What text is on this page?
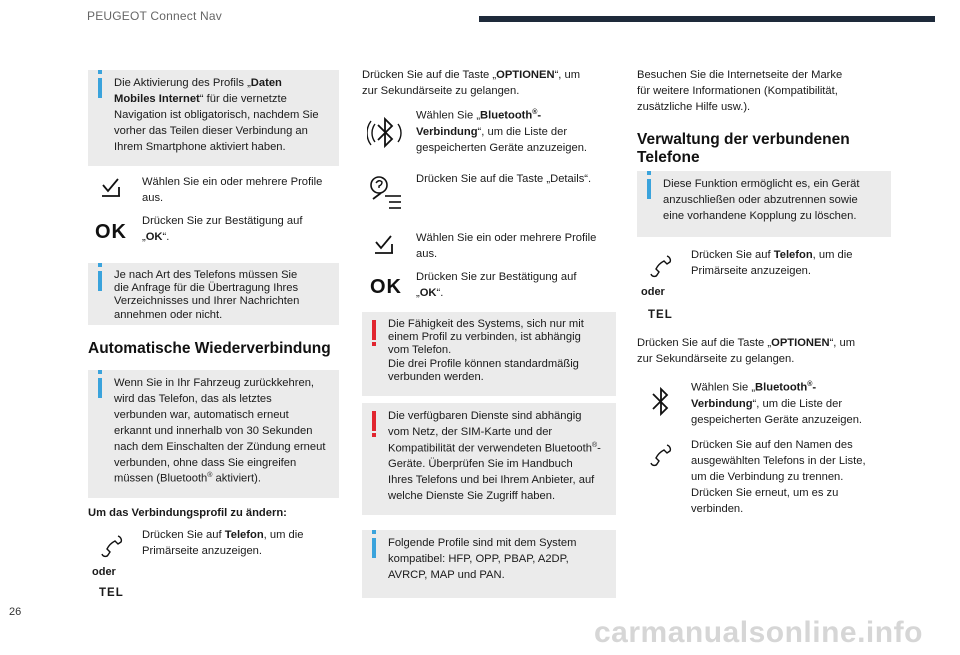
PEUGEOT Connect Nav

Die Aktivierung des Profils „Daten

Mobiles Internet“ für die vernetzte

Navigation ist obligatorisch, nachdem Sie

vorher das Teilen dieser Verbindung an

Ihrem Smartphone aktiviert haben.

Wählen Sie ein oder mehrere Profile

aus.

OK Drücken Sie zur Bestätigung auf

„OK“.

Je nach Art des Telefons müssen Sie

die Anfrage für die Übertragung Ihres

Verzeichnisses und Ihrer Nachrichten

annehmen oder nicht.

Automatische Wiederverbindung

Wenn Sie in Ihr Fahrzeug zurückkehren,

wird das Telefon, das als letztes

verbunden war, automatisch erneut

erkannt und innerhalb von 30 Sekunden

nach dem Einschalten der Zündung erneut

verbunden, ohne dass Sie eingreifen

müssen (Bluetooth® aktiviert).

Um das Verbindungsprofil zu ändern:
oder
TEL

Drücken Sie auf Telefon, um die

Primärseite anzuzeigen.

Drücken Sie auf die Taste „OPTIONEN“, um

zur Sekundärseite zu gelangen.

Wählen Sie „Bluetooth®-

Verbindung“, um die Liste der

gespeicherten Geräte anzuzeigen.

Drücken Sie auf die Taste „Details“.

Wählen Sie ein oder mehrere Profile

aus.

OK Drücken Sie zur Bestätigung auf

„OK“.

Die Fähigkeit des Systems, sich nur mit

einem Profil zu verbinden, ist abhängig

vom Telefon.

Die drei Profile können standardmäßig

verbunden werden.

Die verfügbaren Dienste sind abhängig

vom Netz, der SIM-Karte und der

Kompatibilität der verwendeten Bluetooth®-

Geräte. Überprüfen Sie im Handbuch

Ihres Telefons und bei Ihrem Anbieter, auf

welche Dienste Sie Zugriff haben.

Folgende Profile sind mit dem System

kompatibel: HFP, OPP, PBAP, A2DP,

AVRCP, MAP und PAN.

Besuchen Sie die Internetseite der Marke

für weitere Informationen (Kompatibilität,

zusätzliche Hilfe usw.).

Verwaltung der verbundenen
Telefone

Diese Funktion ermöglicht es, ein Gerät

anzuschließen oder abzutrennen sowie

eine vorhandene Kopplung zu löschen.

oder
TEL

Drücken Sie auf Telefon, um die

Primärseite anzuzeigen.

Drücken Sie auf die Taste „OPTIONEN“, um

zur Sekundärseite zu gelangen.

Wählen Sie „Bluetooth®-

Verbindung“, um die Liste der

gespeicherten Geräte anzuzeigen.

Drücken Sie auf den Namen des

ausgewählten Telefons in der Liste,

um die Verbindung zu trennen.

Drücken Sie erneut, um es zu

verbinden.

26
carmanualsonline.info
